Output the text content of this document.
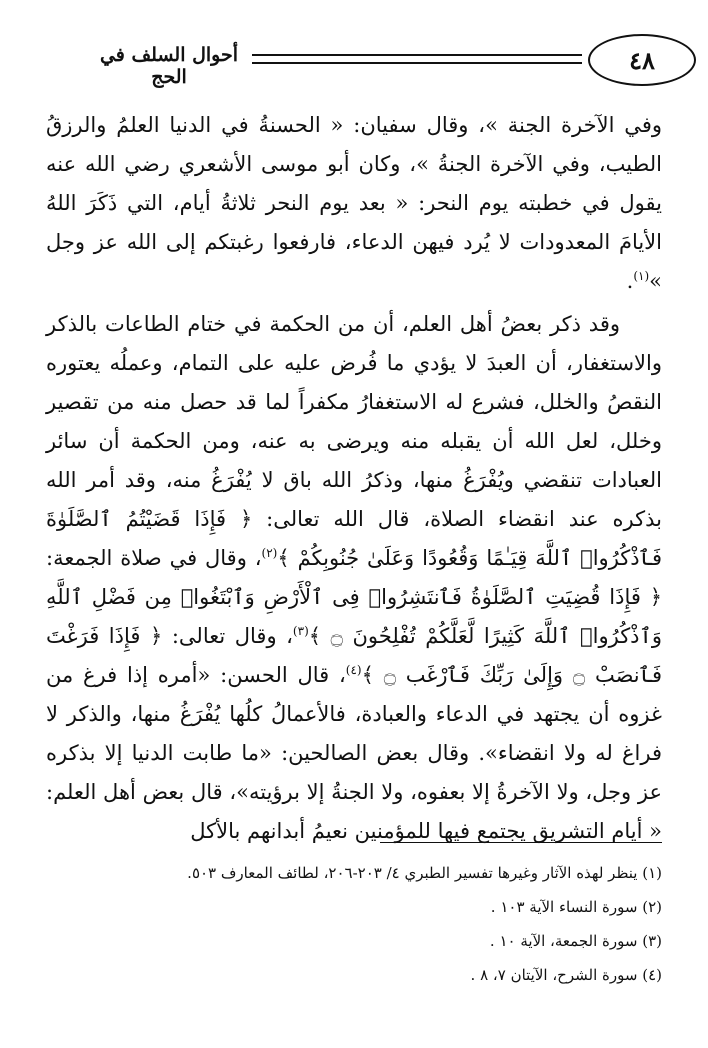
٤٨
أحوال السلف في الحج

وفي الآخرة الجنة »، وقال سفيان: « الحسنةُ في الدنيا العلمُ والرزقُ الطيب، وفي الآخرة الجنةُ »، وكان أبو موسى الأشعري رضي الله عنه يقول في خطبته يوم النحر: « بعد يوم النحر ثلاثةُ أيام، التي ذَكَرَ اللهُ الأيامَ المعدودات لا يُرد فيهن الدعاء، فارفعوا رغبتكم إلى الله عز وجل »$^{(١)}$.

وقد ذكر بعضُ أهل العلم، أن من الحكمة في ختام الطاعات بالذكر والاستغفار، أن العبدَ لا يؤدي ما فُرض عليه على التمام، وعملُه يعتوره النقصُ والخلل، فشرع له الاستغفارُ مكفراً لما قد حصل منه من تقصير وخلل، لعل الله أن يقبله منه ويرضى به عنه، ومن الحكمة أن سائر العبادات تنقضي ويُفْرَغُ منها، وذكرُ الله باق لا يُفْرَغُ منه، وقد أمر الله بذكره عند انقضاء الصلاة، قال الله تعالى: ﴿ فَإِذَا قَضَيْتُمُ ٱلصَّلَوٰةَ فَٱذْكُرُوا۟ ٱللَّهَ قِيَـٰمًا وَقُعُودًا وَعَلَىٰ جُنُوبِكُمْ ﴾$^{(٢)}$، وقال في صلاة الجمعة: ﴿ فَإِذَا قُضِيَتِ ٱلصَّلَوٰةُ فَٱنتَشِرُوا۟ فِى ٱلْأَرْضِ وَٱبْتَغُوا۟ مِن فَضْلِ ٱللَّهِ وَٱذْكُرُوا۟ ٱللَّهَ كَثِيرًا لَّعَلَّكُمْ تُفْلِحُونَ ۝ ﴾$^{(٣)}$، وقال تعالى: ﴿ فَإِذَا فَرَغْتَ فَٱنصَبْ ۝ وَإِلَىٰ رَبِّكَ فَٱرْغَب ۝ ﴾$^{(٤)}$، قال الحسن: «أمره إذا فرغ من غزوه أن يجتهد في الدعاء والعبادة، فالأعمالُ كلُها يُفْرَغُ منها، والذكر لا فراغ له ولا انقضاء». وقال بعض الصالحين: «ما طابت الدنيا إلا بذكره عز وجل، ولا الآخرةُ إلا بعفوه، ولا الجنةُ إلا برؤيته»، قال بعض أهل العلم: « أيام التشريق يجتمع فيها للمؤمنين نعيمُ أبدانهم بالأكل

(١) ينظر لهذه الآثار وغيرها تفسير الطبري ٤/ ٢٠٣-٢٠٦، لطائف المعارف ٥٠٣.
(٢) سورة النساء الآية ١٠٣ .
(٣) سورة الجمعة، الآية ١٠ .
(٤) سورة الشرح، الآيتان ٧، ٨ .
